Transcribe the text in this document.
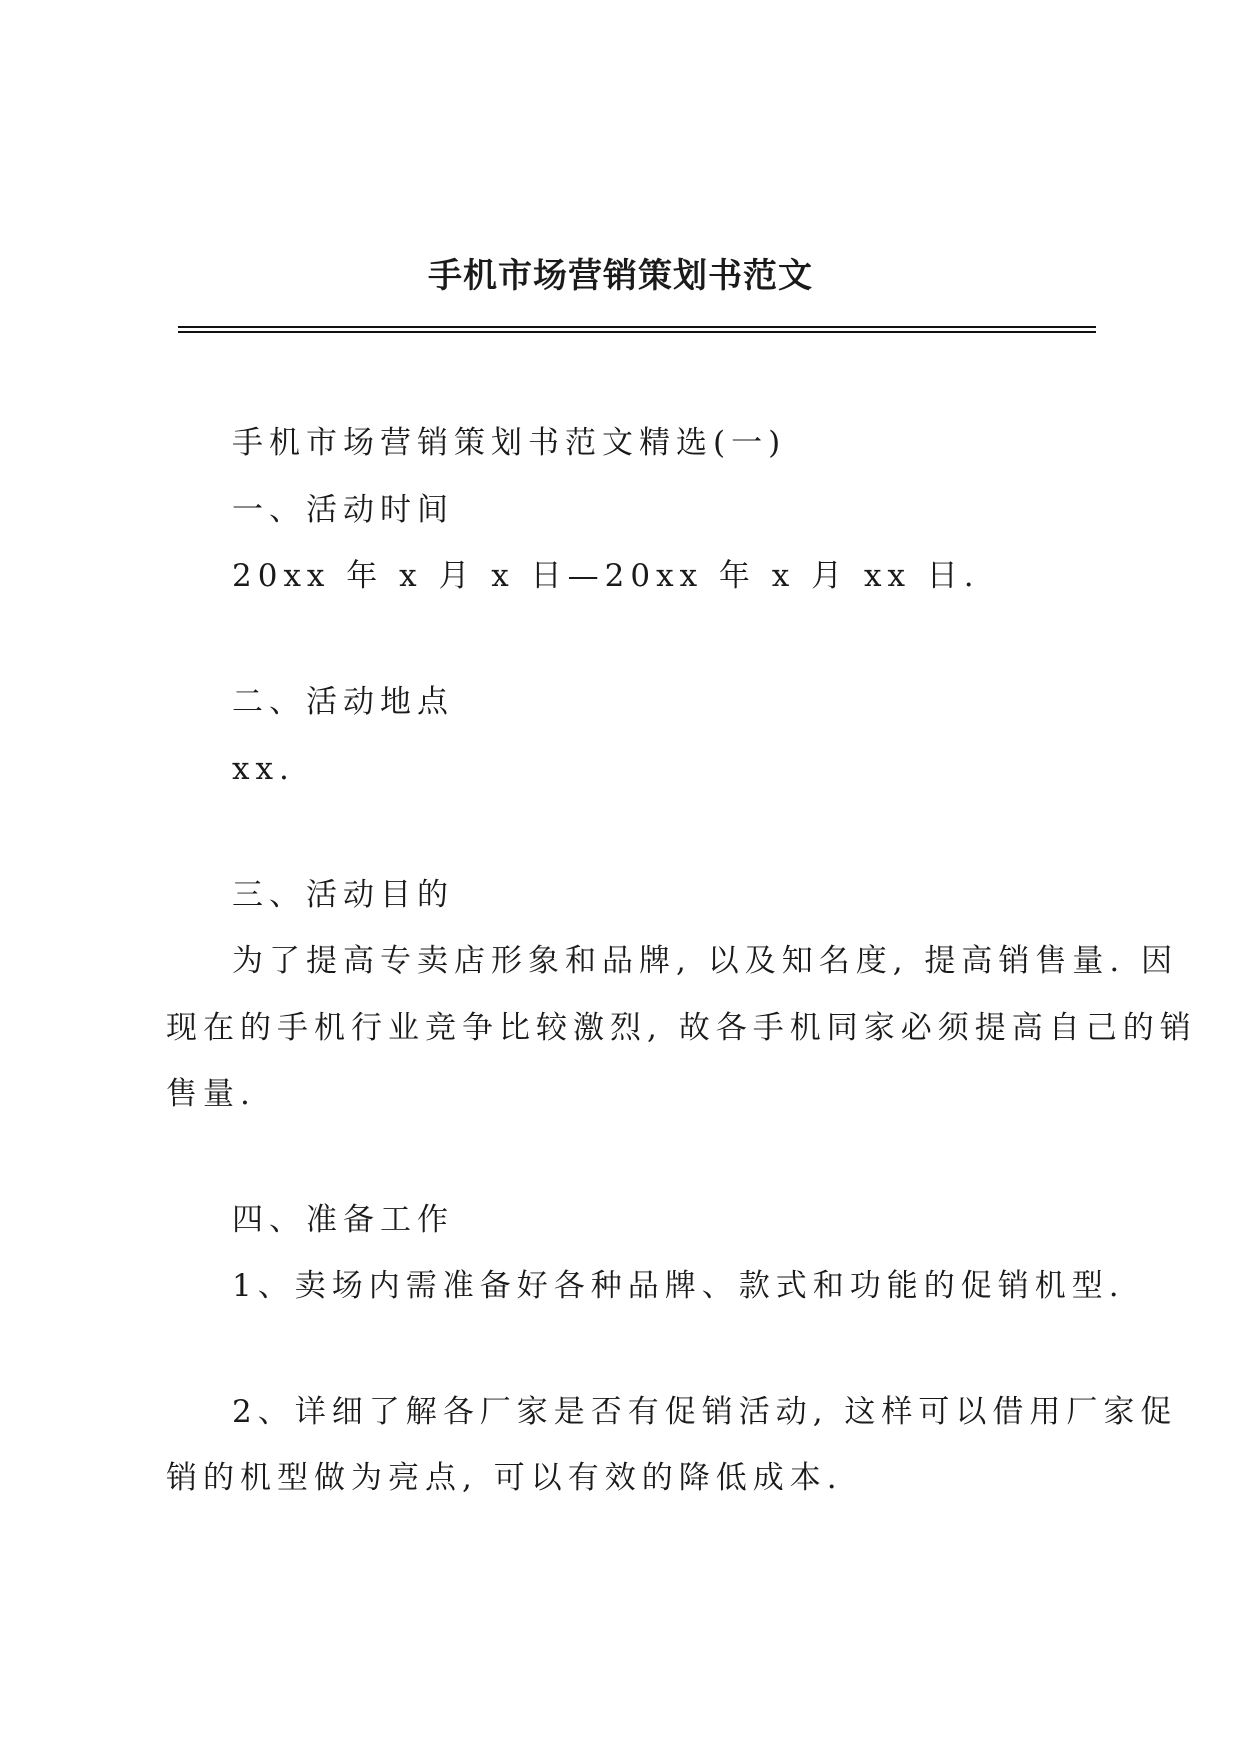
手机市场营销策划书范文
手机市场营销策划书范文精选(一)
一、活动时间
20xx 年 x 月 x 日—20xx 年 x 月 xx 日.
二、活动地点
xx.
三、活动目的
为了提高专卖店形象和品牌, 以及知名度, 提高销售量. 因
现在的手机行业竞争比较激烈, 故各手机同家必须提高自己的销
售量.
四、准备工作
1、卖场内需准备好各种品牌、款式和功能的促销机型.
2、详细了解各厂家是否有促销活动, 这样可以借用厂家促
销的机型做为亮点, 可以有效的降低成本.
